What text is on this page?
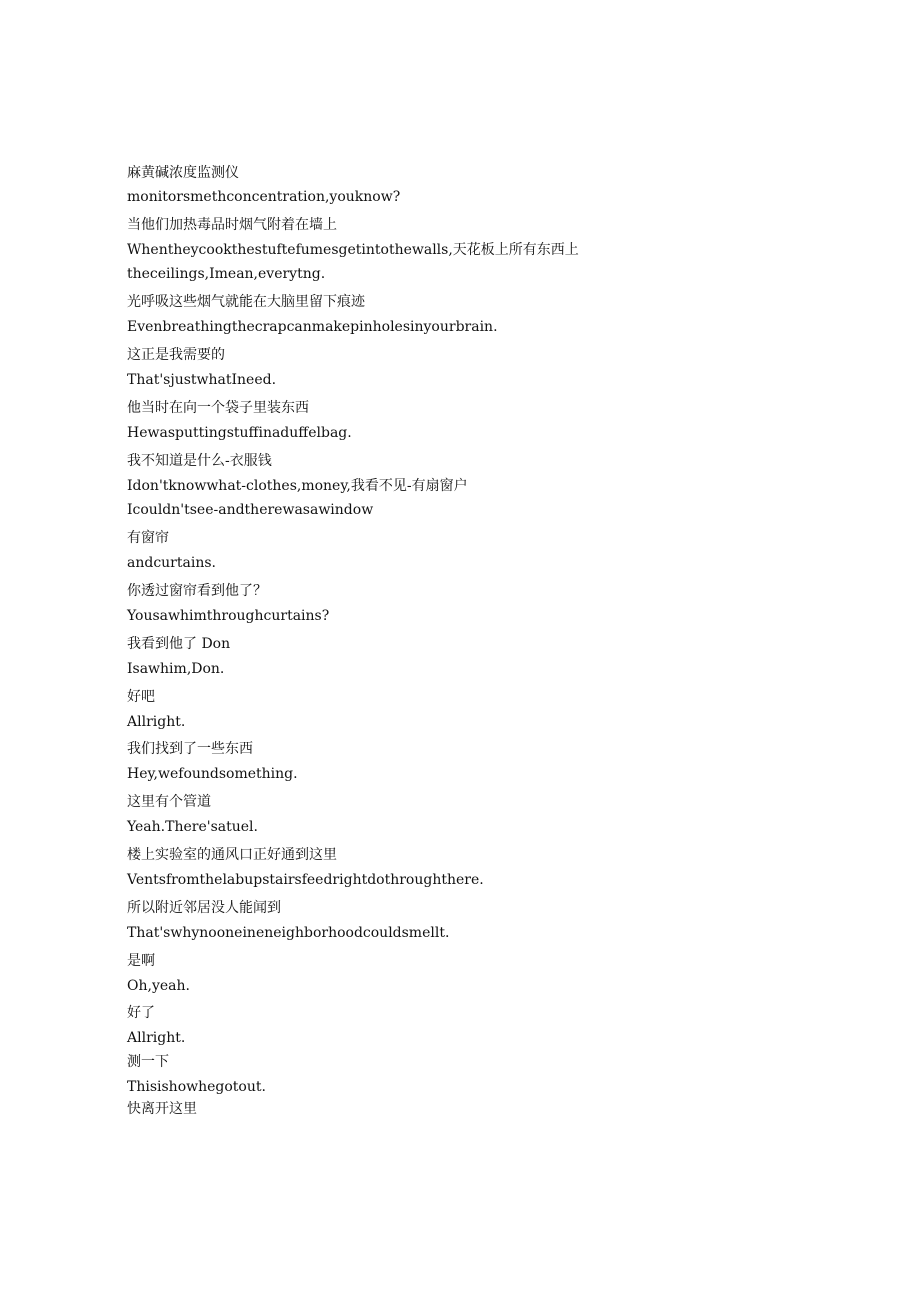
麻黄碱浓度监测仪

monitorsmethconcentration,youknow?

当他们加热毒品时烟气附着在墙上

Whentheycookthestuftefumesgetintothewalls,天花板上所有东西上

theceilings,Imean,everytng.

光呼吸这些烟气就能在大脑里留下痕迹

Evenbreathingthecrapcanmakepinholesinyourbrain.

这正是我需要的

That'sjustwhatIneed.

他当时在向一个袋子里装东西

Hewasputtingstuffinaduffelbag.

我不知道是什么-衣服钱

Idon'tknowwhat-clothes,money,我看不见-有扇窗户

Icouldn'tsee-andtherewasawindow

有窗帘

andcurtains.

你透过窗帘看到他了？

Yousawhimthroughcurtains?

我看到他了 Don

Isawhim,Don.

好吧

Allright.

我们找到了一些东西

Hey,wefoundsomething.

这里有个管道

Yeah.There'satuel.

楼上实验室的通风口正好通到这里

Ventsfromthelabupstairsfeedrightdothroughthere.

所以附近邻居没人能闻到

That'swhynooneineneighborhoodcouldsmellt.

是啊

Oh,yeah.

好了

Allright.

测一下

Thisishowhegotout.

快离开这里
